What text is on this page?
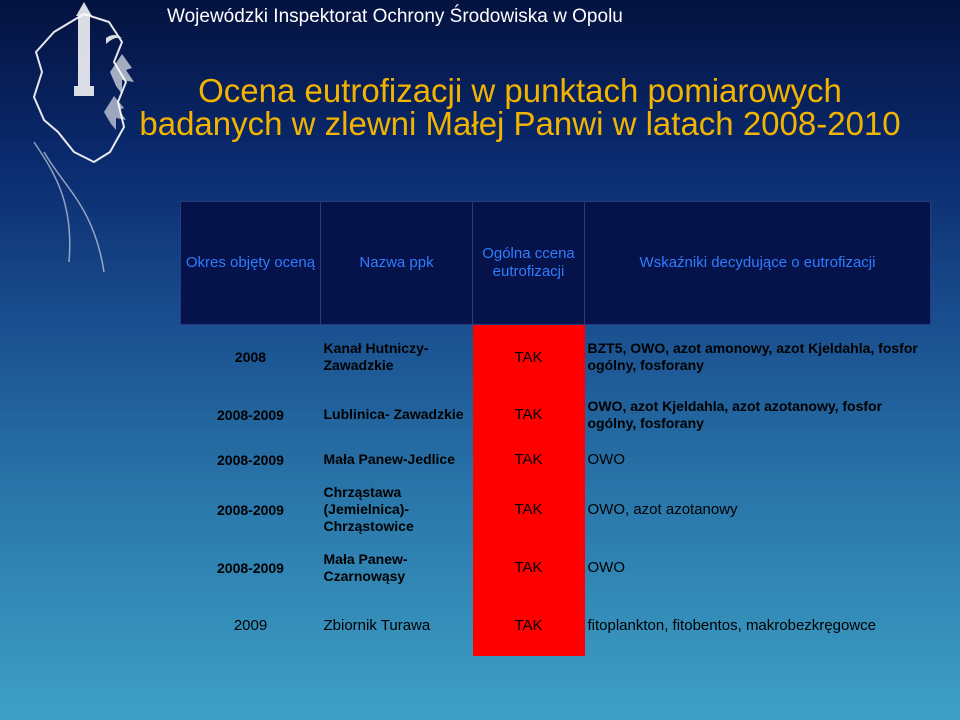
Wojewódzki Inspektorat Ochrony Środowiska w Opolu
Ocena eutrofizacji w punktach pomiarowych
badanych w zlewni Małej Panwi w latach 2008-2010
Okres objęty oceną	Nazwa ppk	Ogólna ccena eutrofizacji	Wskaźniki decydujące o eutrofizacji
2008	Kanał Hutniczy- Zawadzkie	TAK	BZT5, OWO, azot amonowy, azot Kjeldahla, fosfor ogólny, fosforany
2008-2009	Lublinica- Zawadzkie	TAK	OWO, azot Kjeldahla, azot azotanowy, fosfor ogólny, fosforany
2008-2009	Mała Panew-Jedlice	TAK	OWO
2008-2009	Chrząstawa (Jemielnica)- Chrząstowice	TAK	OWO, azot azotanowy
2008-2009	Mała Panew- Czarnowąsy	TAK	OWO
2009	Zbiornik Turawa	TAK	fitoplankton, fitobentos, makrobezkręgowce
